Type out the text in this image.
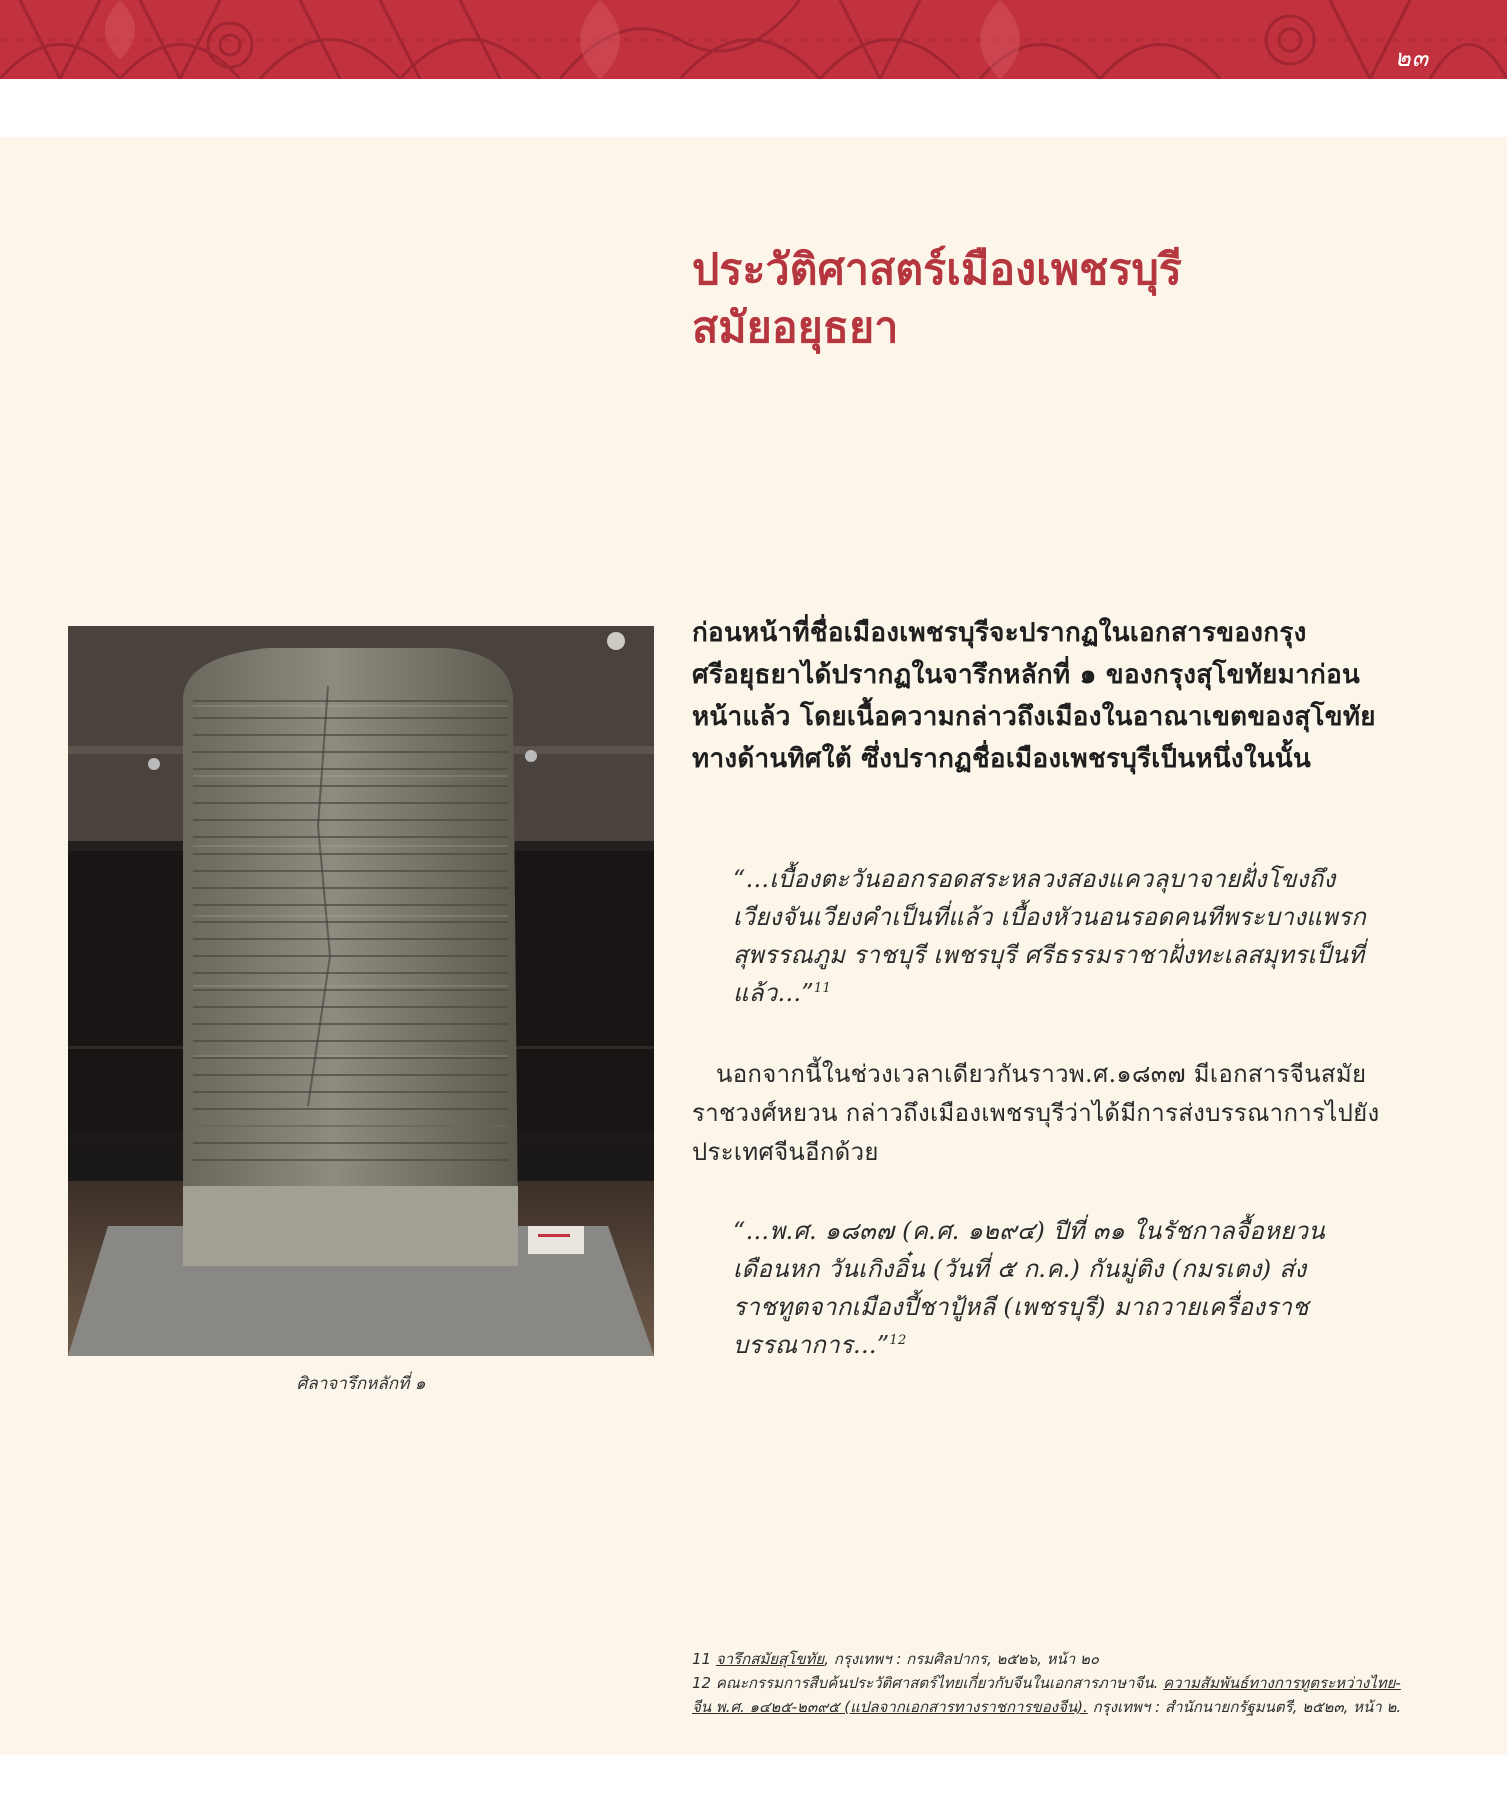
๒๓
ประวัติศาสตร์เมืองเพชรบุรี
สมัยอยุธยา
ศิลาจารึกหลักที่ ๑
ก่อนหน้าที่ชื่อเมืองเพชรบุรีจะปรากฏในเอกสารของกรุงศรีอยุธยาได้ปรากฏในจารึกหลักที่ ๑ ของกรุงสุโขทัยมาก่อนหน้าแล้ว โดยเนื้อความกล่าวถึงเมืองในอาณาเขตของสุโขทัยทางด้านทิศใต้ ซึ่งปรากฏชื่อเมืองเพชรบุรีเป็นหนึ่งในนั้น
“...เบื้องตะวันออกรอดสระหลวงสองแควลุบาจายฝั่งโขงถึงเวียงจันเวียงคำเป็นที่แล้ว เบื้องหัวนอนรอดคนทีพระบางแพรกสุพรรณภูม ราชบุรี เพชรบุรี ศรีธรรมราชาฝั่งทะเลสมุทรเป็นที่แล้ว...”$^{11}$
นอกจากนี้ในช่วงเวลาเดียวกันราวพ.ศ.๑๘๓๗ มีเอกสารจีนสมัยราชวงศ์หยวน กล่าวถึงเมืองเพชรบุรีว่าได้มีการส่งบรรณาการไปยังประเทศจีนอีกด้วย
“...พ.ศ. ๑๘๓๗ (ค.ศ. ๑๒๙๔) ปีที่ ๓๑ ในรัชกาลจื้อหยวนเดือนหก วันเกิงอิ๋น (วันที่ ๕ ก.ค.) กันมู่ติง (กมรเตง) ส่งราชทูตจากเมืองปี้ชาปู้หลี (เพชรบุรี) มาถวายเครื่องราชบรรณาการ...”$^{12}$
11 จารึกสมัยสุโขทัย, กรุงเทพฯ : กรมศิลปากร, ๒๕๒๖, หน้า ๒๐
12 คณะกรรมการสืบค้นประวัติศาสตร์ไทยเกี่ยวกับจีนในเอกสารภาษาจีน. ความสัมพันธ์ทางการทูตระหว่างไทย-จีน พ.ศ. ๑๔๒๕-๒๓๙๕ (แปลจากเอกสารทางราชการของจีน). กรุงเทพฯ : สำนักนายกรัฐมนตรี, ๒๕๒๓, หน้า ๒.
